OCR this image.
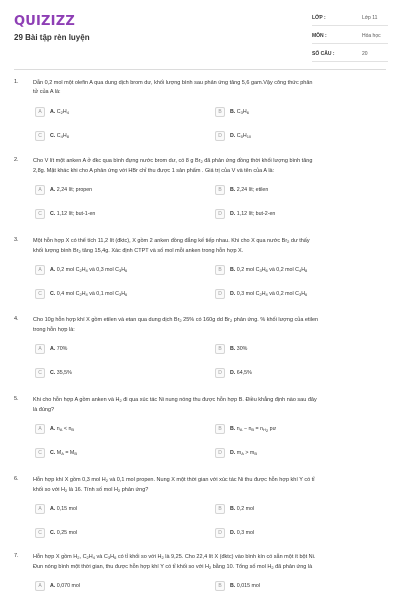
QUIZIZZ
29 Bài tập rèn luyện
LỚP :	Lớp 11
MÔN :	Hóa học
SỐ CÂU :	20
1.	Dẫn 0,2 mol một olefin A qua dung dịch brom dư, khối lượng bình sau phản ứng tăng 5,6 gam.Vậy công thức phân
tử của A là:
A	A. $C_2H_4$	B	B. $C_3H_6$
C	C. $C_4H_8$	D	D. $C_5H_{10}$
2.	Cho V lít một anken A ở đkc qua bình đựng nước brom dư, có 8 g $Br_2$ đã phản ứng đồng thời khối lượng bình tăng
2,8g. Mặt khác khi cho A phản ứng với HBr chỉ thu được 1 sản phẩm . Giá trị của V và tên của A là:
A	A. 2,24 lít; propen	B	B. 2,24 lít; etilen
C	C. 1,12 lít; but-1-en	D	D. 1,12 lít; but-2-en
3.	Một hỗn hợp X có thể tích 11,2 lít (đktc), X gồm 2 anken đồng đẳng kế tiếp nhau. Khi cho X qua nước $Br_2$ dư thấy
khối lượng bình $Br_2$ tăng 15,4g. Xác định CTPT và số mol mỗi anken trong hỗn hợp X.
A	A. 0,2 mol $C_2H_4$ và 0,3 mol $C_3H_6$	B	B. 0,2 mol $C_3H_6$ và 0,2 mol $C_4H_8$
C	C. 0,4 mol $C_2H_4$ và 0,1 mol $C_3H_6$	D	D. 0,3 mol $C_2H_4$ và 0,2 mol $C_3H_6$
4.	Cho 10g hỗn hợp khí X gồm etilen và etan qua dung dịch $Br_2$ 25% có 160g dd $Br_2$ phản ứng. % khối lượng của etilen
trong hỗn hợp là:
A	A. 70%	B	B. 30%
C	C. 35,5%	D	D. 64,5%
5.	Khi cho hỗn hợp A gồm anken và $H_2$ đi qua xúc tác Ni nung nóng thu được hỗn hợp B. Điều khẳng định nào sau đây
là đúng?
A	A. $n_A < n_B$	B	B. $n_A - n_B = n_{H_2}$ pư
C	C. $M_A = M_B$	D	D. $m_A > m_B$
6.	Hỗn hợp khí X gồm 0,3 mol $H_2$ và 0,1 mol propen. Nung X một thời gian với xúc tác Ni thu được hỗn hợp khí Y có tỉ
khối so với $H_2$ là 16. Tính số mol $H_2$ phản ứng?
A	A. 0,15 mol	B	B. 0,2 mol
C	C. 0,25 mol	D	D. 0,3 mol
7.	Hỗn hợp X gồm $H_2$, $C_2H_4$ và $C_3H_6$ có tỉ khối so với $H_2$ là 9,25. Cho 22,4 lít X (đktc) vào bình kín có sẵn một ít bột Ni.
Đun nóng bình một thời gian, thu được hỗn hợp khí Y có tỉ khối so với $H_2$ bằng 10. Tổng số mol $H_2$ đã phản ứng là
A	A. 0,070 mol	B	B. 0,015 mol
